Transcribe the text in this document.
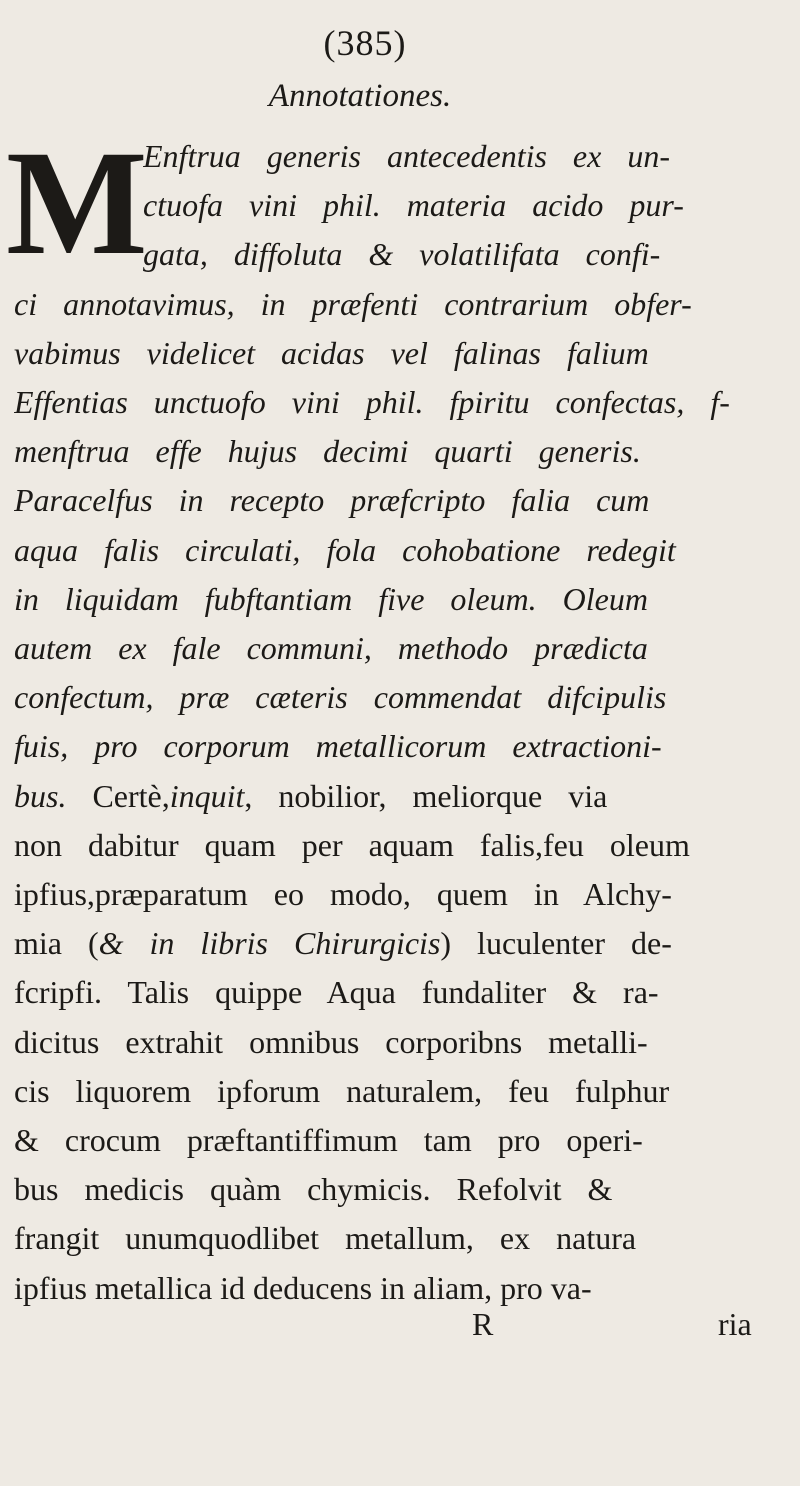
(385)
Annotationes.
M
Enftrua generis antecedentis ex un-
ctuofa vini phil. materia acido pur-
gata, diffoluta & volatilifata confi-
ci annotavimus, in præfenti contrarium obfer-
vabimus videlicet acidas vel falinas falium
Effentias unctuofo vini phil. fpiritu confectas, f-
menftrua effe hujus decimi quarti generis.
Paracelfus in recepto præfcripto falia cum
aqua falis circulati, fola cohobatione redegit
in liquidam fubftantiam five oleum. Oleum
autem ex fale communi, methodo prædicta
confectum, præ cæteris commendat difcipulis
fuis, pro corporum metallicorum extractioni-
bus. Certè,inquit, nobilior, meliorque via
non dabitur quam per aquam falis,feu oleum
ipfius,præparatum eo modo, quem in Alchy-
mia (& in libris Chirurgicis) luculenter de-
fcripfi. Talis quippe Aqua fundaliter & ra-
dicitus extrahit omnibus corporibns metalli-
cis liquorem ipforum naturalem, feu fulphur
& crocum præftantiffimum tam pro operi-
bus medicis quàm chymicis. Refolvit &
frangit unumquodlibet metallum, ex natura
ipfius metallica id deducens in aliam, pro va-
R	ria
